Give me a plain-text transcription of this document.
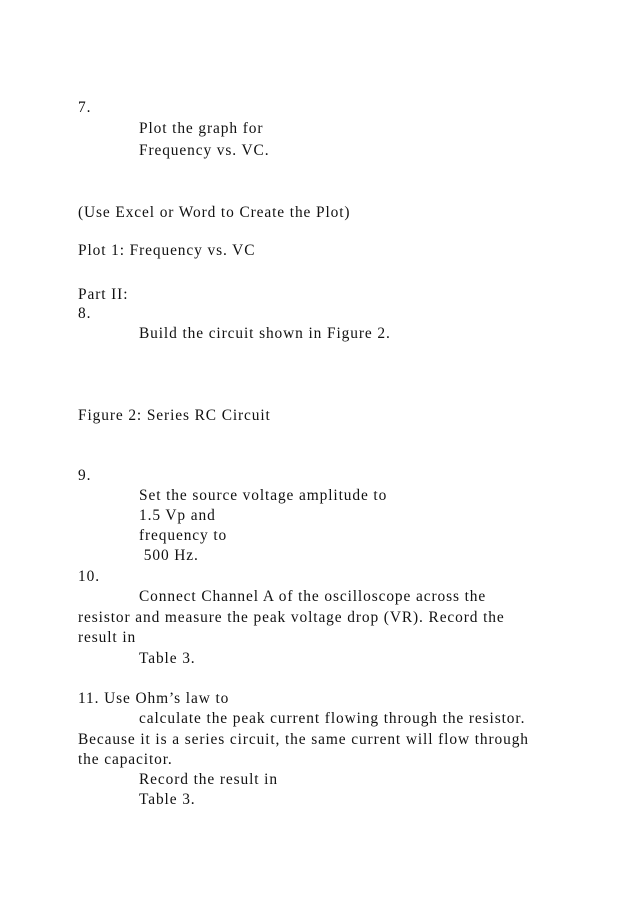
7.
Plot the graph for
Frequency vs. VC.
(Use Excel or Word to Create the Plot)
Plot 1: Frequency vs. VC
Part II:
8.
Build the circuit shown in Figure 2.
Figure 2: Series RC Circuit
9.
Set the source voltage amplitude to
1.5 Vp and
frequency to
500 Hz.
10.
Connect Channel A of the oscilloscope across the
resistor and measure the peak voltage drop (VR). Record the
result in
Table 3.
11. Use Ohm’s law to
calculate the peak current flowing through the resistor.
Because it is a series circuit, the same current will flow through
the capacitor.
Record the result in
Table 3.
